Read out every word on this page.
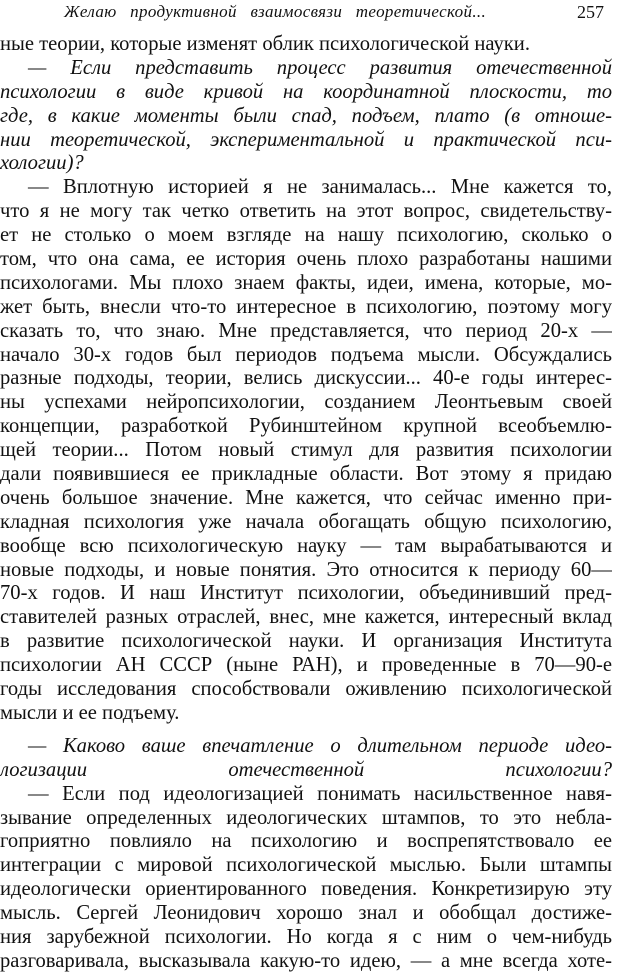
Желаю продуктивной взаимосвязи теоретической...	257
ные теории, которые изменят облик психологической науки.
— Если представить процесс развития отечественной
психологии в виде кривой на координатной плоскости, то
где, в какие моменты были спад, подъем, плато (в отноше-
нии теоретической, экспериментальной и практической пси-
хологии)?
— Вплотную историей я не занималась... Мне кажется то,
что я не могу так четко ответить на этот вопрос, свидетельству-
ет не столько о моем взгляде на нашу психологию, сколько о
том, что она сама, ее история очень плохо разработаны нашими
психологами. Мы плохо знаем факты, идеи, имена, которые, мо-
жет быть, внесли что-то интересное в психологию, поэтому могу
сказать то, что знаю. Мне представляется, что период 20-х —
начало 30-х годов был периодов подъема мысли. Обсуждались
разные подходы, теории, велись дискуссии... 40-е годы интерес-
ны успехами нейропсихологии, созданием Леонтьевым своей
концепции, разработкой Рубинштейном крупной всеобъемлю-
щей теории... Потом новый стимул для развития психологии
дали появившиеся ее прикладные области. Вот этому я придаю
очень большое значение. Мне кажется, что сейчас именно при-
кладная психология уже начала обогащать общую психологию,
вообще всю психологическую науку — там вырабатываются и
новые подходы, и новые понятия. Это относится к периоду 60—
70-х годов. И наш Институт психологии, объединивший пред-
ставителей разных отраслей, внес, мне кажется, интересный вклад
в развитие психологической науки. И организация Института
психологии АН СССР (ныне РАН), и проведенные в 70—90-е
годы исследования способствовали оживлению психологической
мысли и ее подъему.
— Каково ваше впечатление о длительном периоде идео-
логизации отечественной психологии?
— Если под идеологизацией понимать насильственное навя-
зывание определенных идеологических штампов, то это небла-
гоприятно повлияло на психологию и воспрепятствовало ее
интеграции с мировой психологической мыслью. Были штампы
идеологически ориентированного поведения. Конкретизирую эту
мысль. Сергей Леонидович хорошо знал и обобщал достиже-
ния зарубежной психологии. Но когда я с ним о чем-нибудь
разговаривала, высказывала какую-то идею, — а мне всегда хоте-
